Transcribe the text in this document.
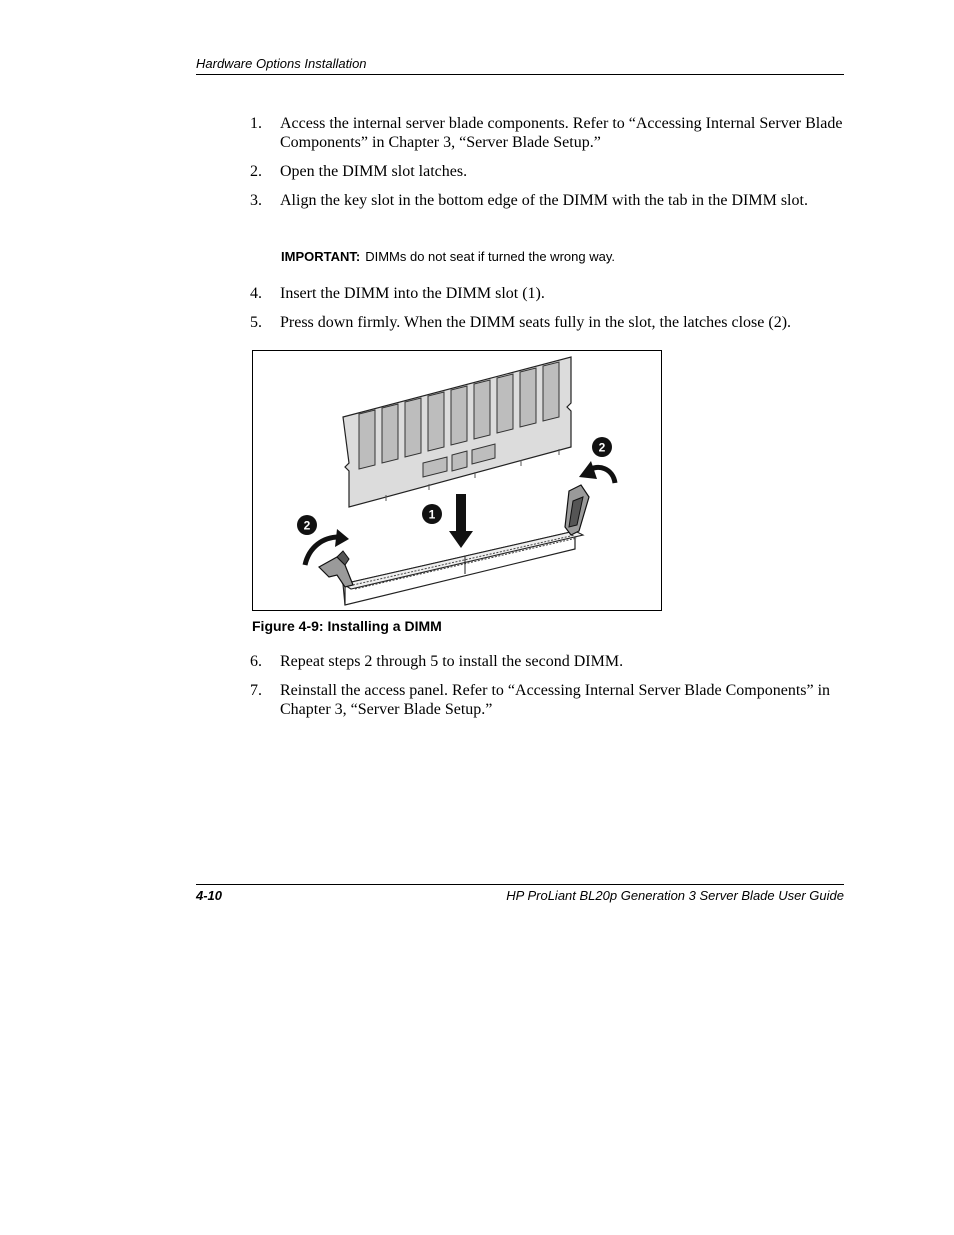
Hardware Options Installation
1.	Access the internal server blade components. Refer to “Accessing Internal Server Blade Components” in Chapter 3, “Server Blade Setup.”
2.	Open the DIMM slot latches.
3.	Align the key slot in the bottom edge of the DIMM with the tab in the DIMM slot.
IMPORTANT: DIMMs do not seat if turned the wrong way.
4.	Insert the DIMM into the DIMM slot (1).
5.	Press down firmly. When the DIMM seats fully in the slot, the latches close (2).
1
2
2
Figure 4-9: Installing a DIMM
6.	Repeat steps 2 through 5 to install the second DIMM.
7.	Reinstall the access panel. Refer to “Accessing Internal Server Blade Components” in Chapter 3, “Server Blade Setup.”
4-10	HP ProLiant BL20p Generation 3 Server Blade User Guide
